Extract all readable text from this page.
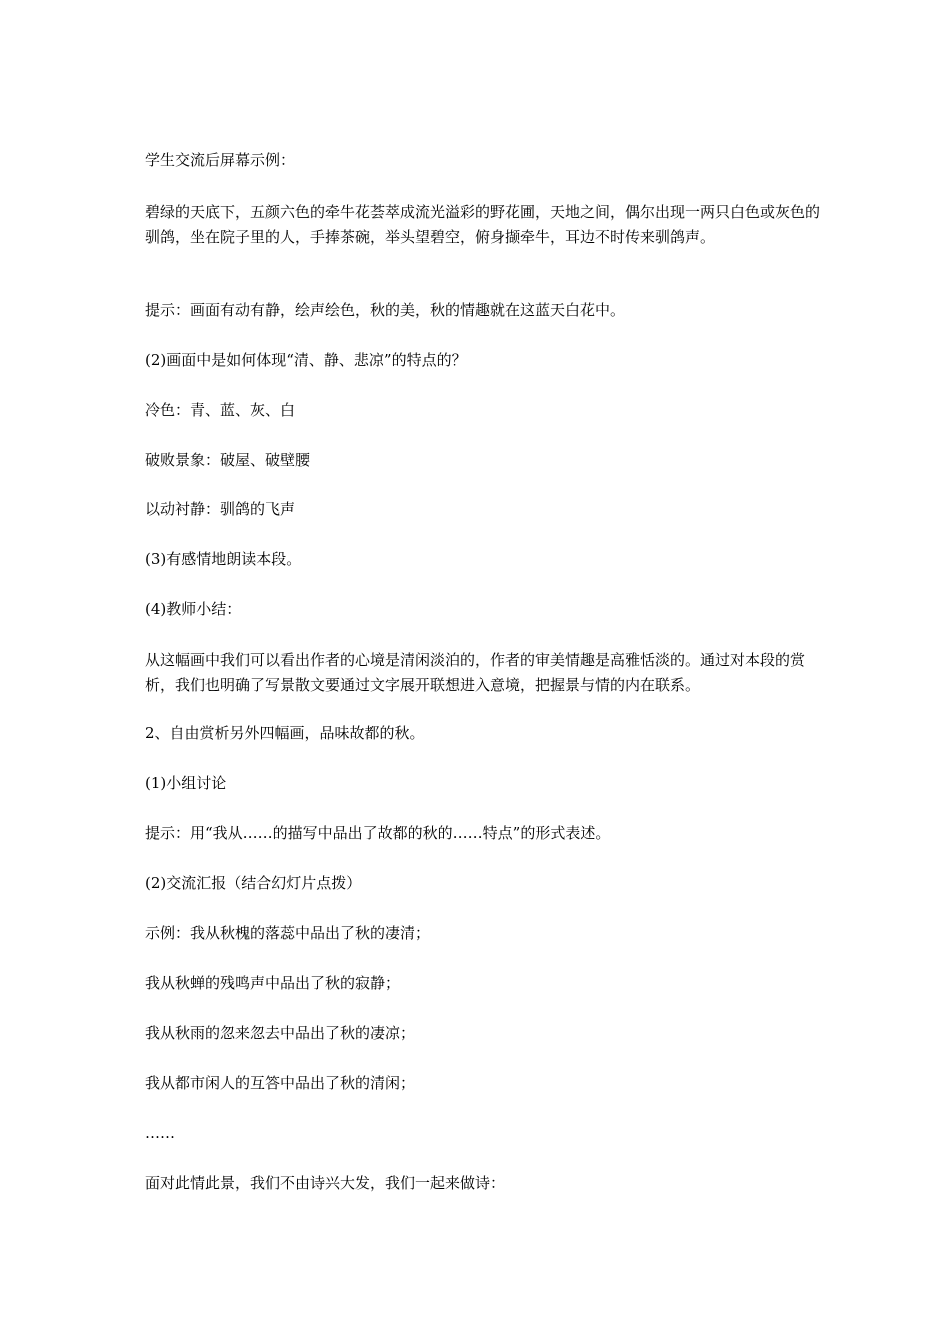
学生交流后屏幕示例：

碧绿的天底下，五颜六色的牵牛花荟萃成流光溢彩的野花圃，天地之间，偶尔出现一两只白色或灰色的驯鸽，坐在院子里的人，手捧茶碗，举头望碧空，俯身撷牵牛，耳边不时传来驯鸽声。

提示：画面有动有静，绘声绘色，秋的美，秋的情趣就在这蓝天白花中。

(2)画面中是如何体现“清、静、悲凉”的特点的？

冷色：青、蓝、灰、白

破败景象：破屋、破壁腰

以动衬静：驯鸽的飞声

(3)有感情地朗读本段。

(4)教师小结：

从这幅画中我们可以看出作者的心境是清闲淡泊的，作者的审美情趣是高雅恬淡的。通过对本段的赏析，我们也明确了写景散文要通过文字展开联想进入意境，把握景与情的内在联系。

2、自由赏析另外四幅画，品味故都的秋。

(1)小组讨论

提示：用“我从……的描写中品出了故都的秋的……特点”的形式表述。

(2)交流汇报（结合幻灯片点拨）

示例：我从秋槐的落蕊中品出了秋的凄清；

我从秋蝉的残鸣声中品出了秋的寂静；

我从秋雨的忽来忽去中品出了秋的凄凉；

我从都市闲人的互答中品出了秋的清闲；

……

面对此情此景，我们不由诗兴大发，我们一起来做诗：
